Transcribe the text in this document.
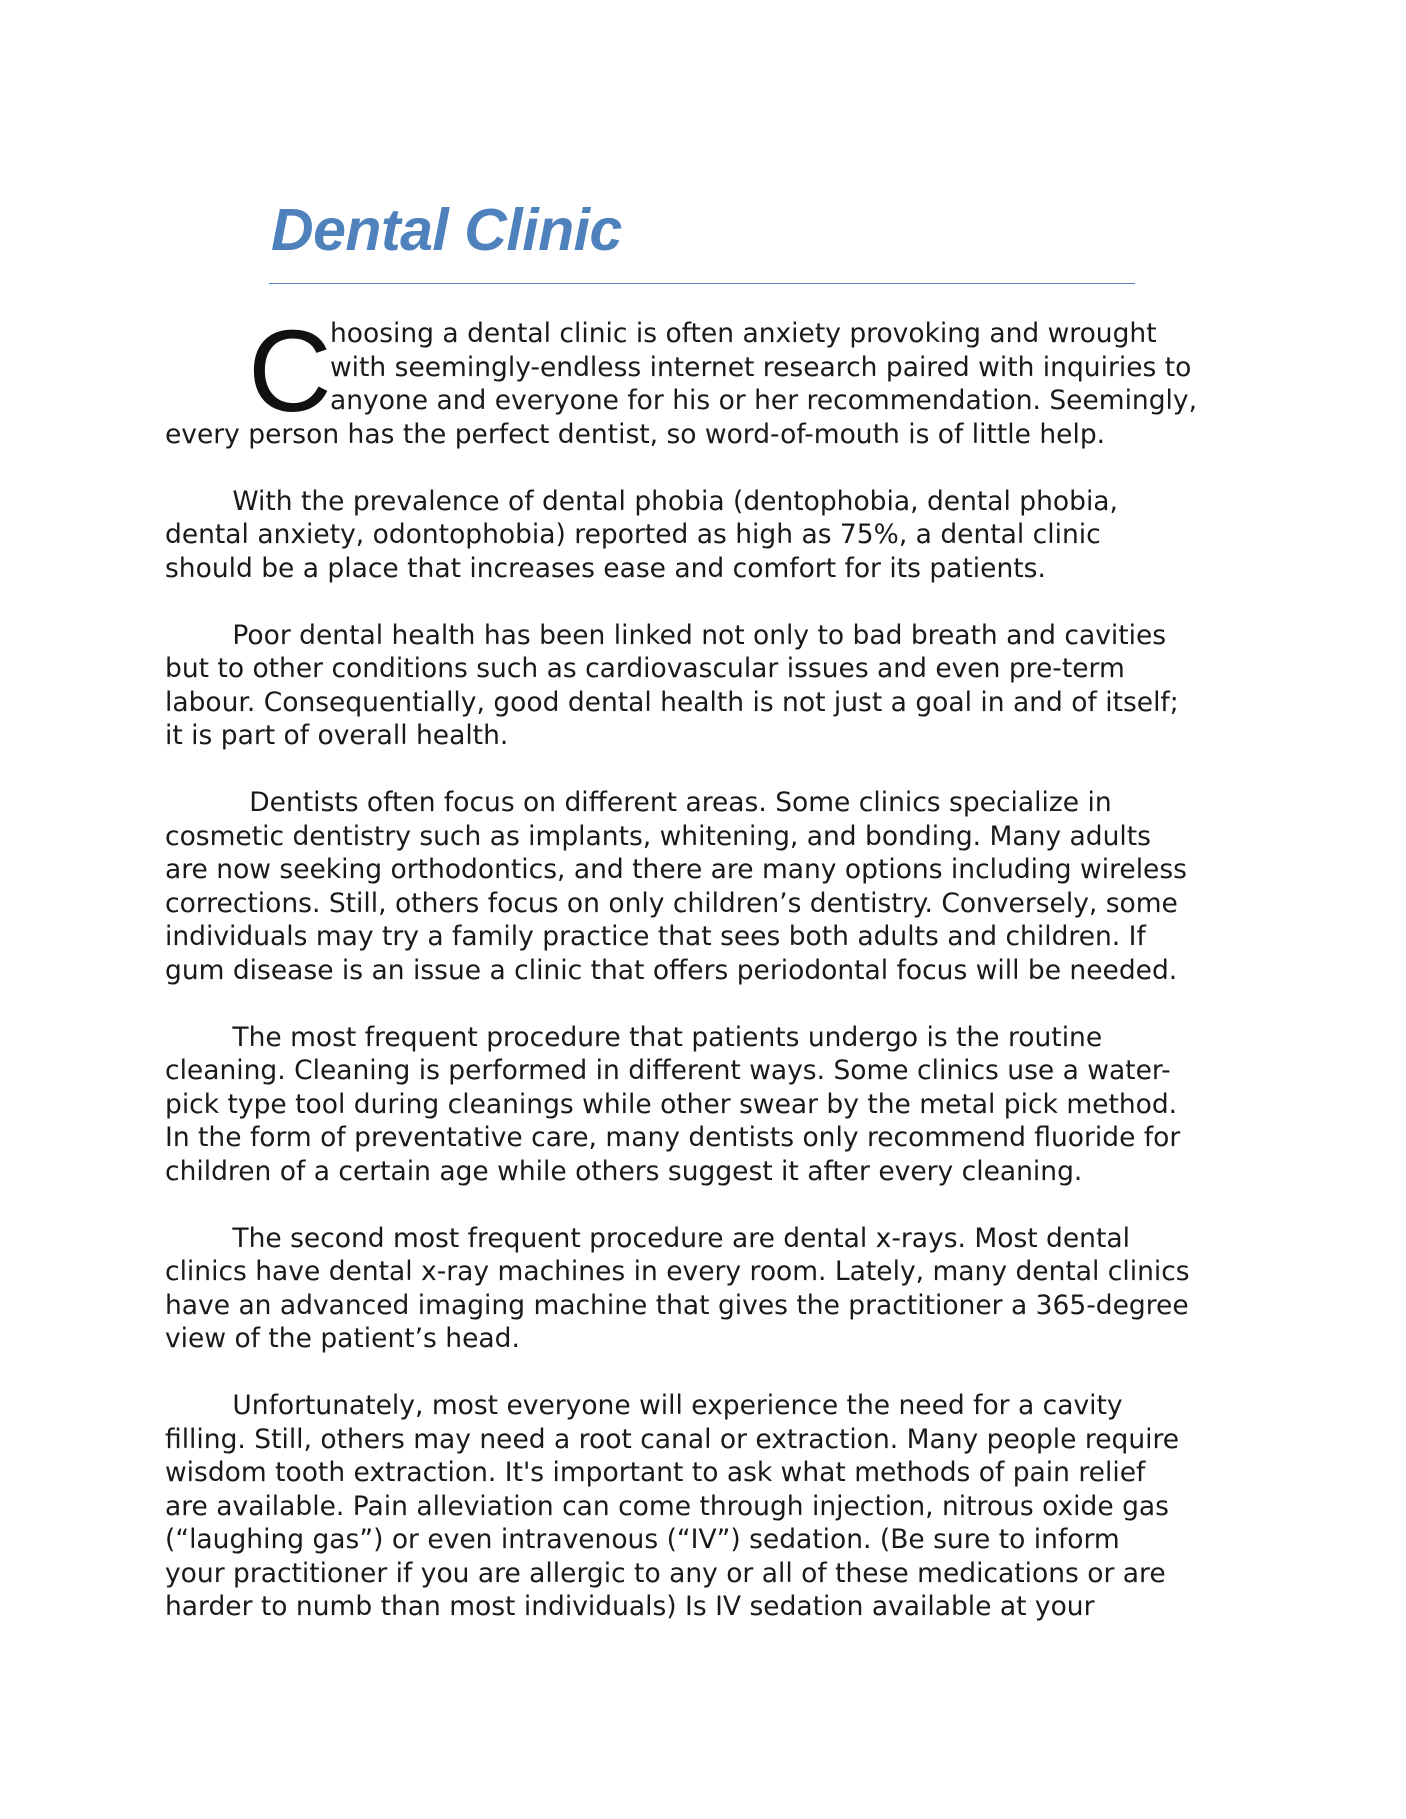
Dental Clinic

C

hoosing a dental clinic is often anxiety provoking and wrought

with seemingly-endless internet research paired with inquiries to

anyone and everyone for his or her recommendation. Seemingly,

every person has the perfect dentist, so word-of-mouth is of little help.

With the prevalence of dental phobia (dentophobia, dental phobia,
dental anxiety, odontophobia) reported as high as 75%, a dental clinic
should be a place that increases ease and comfort for its patients.

Poor dental health has been linked not only to bad breath and cavities
but to other conditions such as cardiovascular issues and even pre-term
labour. Consequentially, good dental health is not just a goal in and of itself;
it is part of overall health.

Dentists often focus on different areas. Some clinics specialize in
cosmetic dentistry such as implants, whitening, and bonding. Many adults
are now seeking orthodontics, and there are many options including wireless
corrections. Still, others focus on only children’s dentistry. Conversely, some
individuals may try a family practice that sees both adults and children. If
gum disease is an issue a clinic that offers periodontal focus will be needed.

The most frequent procedure that patients undergo is the routine
cleaning. Cleaning is performed in different ways. Some clinics use a water-
pick type tool during cleanings while other swear by the metal pick method.
In the form of preventative care, many dentists only recommend fluoride for
children of a certain age while others suggest it after every cleaning.

The second most frequent procedure are dental x-rays. Most dental
clinics have dental x-ray machines in every room. Lately, many dental clinics
have an advanced imaging machine that gives the practitioner a 365-degree
view of the patient’s head.

Unfortunately, most everyone will experience the need for a cavity
filling. Still, others may need a root canal or extraction. Many people require
wisdom tooth extraction. It's important to ask what methods of pain relief
are available. Pain alleviation can come through injection, nitrous oxide gas
(“laughing gas”) or even intravenous (“IV”) sedation. (Be sure to inform
your practitioner if you are allergic to any or all of these medications or are
harder to numb than most individuals) Is IV sedation available at your
